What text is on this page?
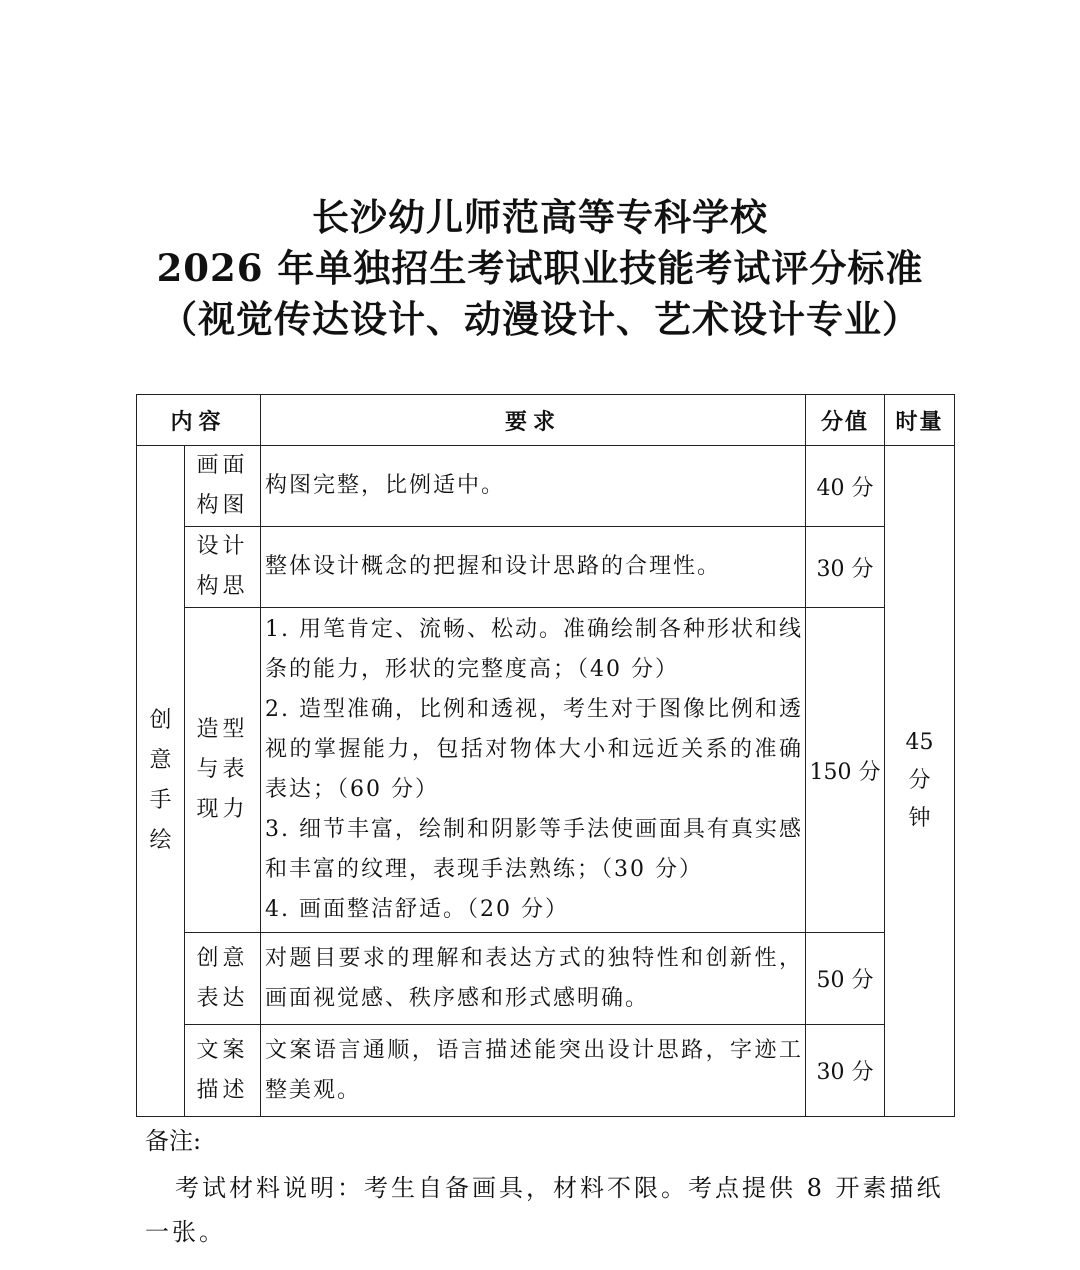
长沙幼儿师范高等专科学校
2026 年单独招生考试职业技能考试评分标准
（视觉传达设计、动漫设计、艺术设计专业）
内容		要求	分值	时量
创意手绘	画面构图	构图完整，比例适中。	40 分	45分钟
	设计构思	整体设计概念的把握和设计思路的合理性。	30 分	
	造型与表现力	1. 用笔肯定、流畅、松动。准确绘制各种形状和线条的能力，形状的完整度高；（40 分）
2. 造型准确，比例和透视，考生对于图像比例和透视的掌握能力，包括对物体大小和远近关系的准确表达；（60 分）
3. 细节丰富，绘制和阴影等手法使画面具有真实感和丰富的纹理，表现手法熟练；（30 分）
4. 画面整洁舒适。（20 分）	150 分	
	创意表达	对题目要求的理解和表达方式的独特性和创新性，画面视觉感、秩序感和形式感明确。	50 分	
	文案描述	文案语言通顺，语言描述能突出设计思路，字迹工整美观。	30 分	
备注:
考试材料说明：考生自备画具，材料不限。考点提供 8 开素描纸一张。
